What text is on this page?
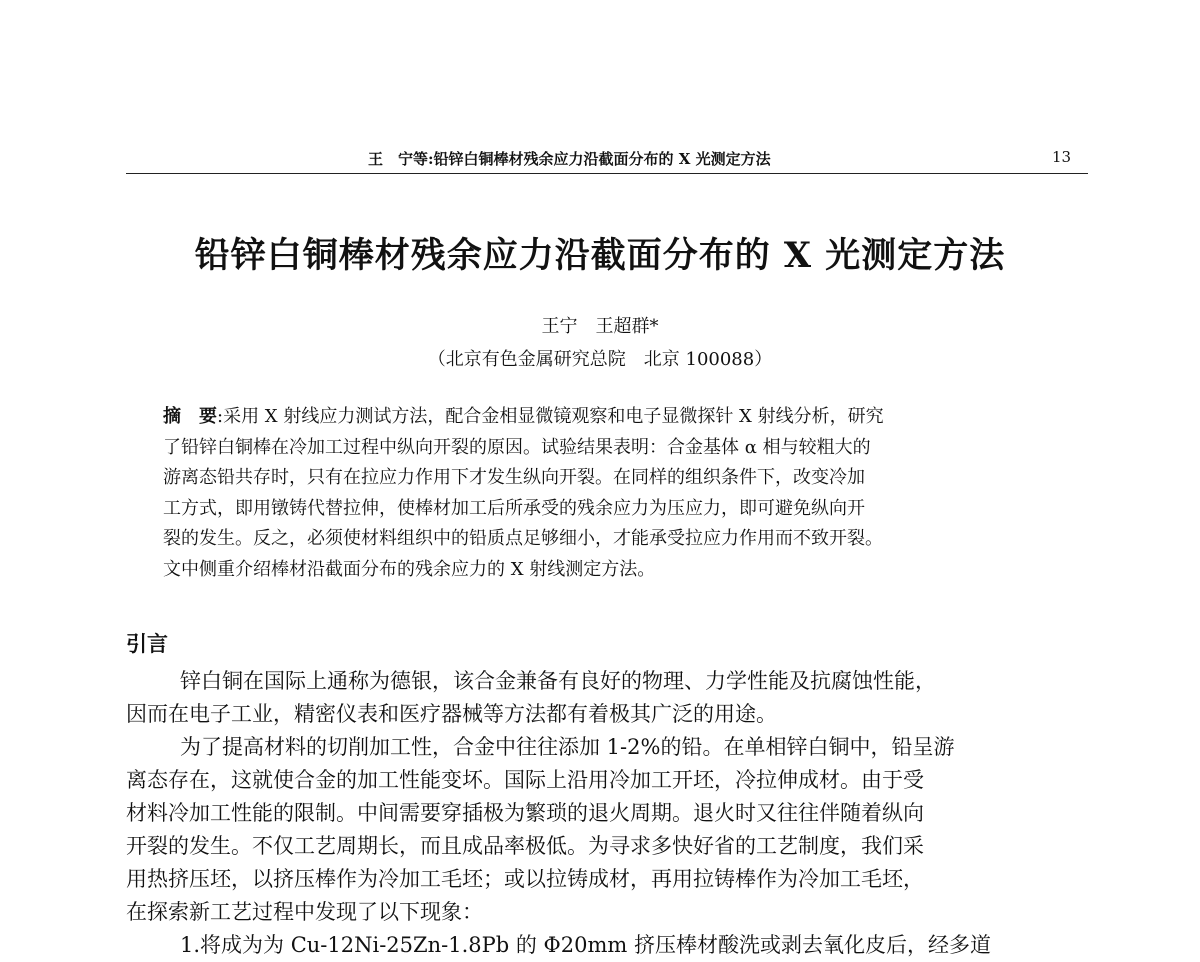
王　宁等:铅锌白铜棒材残余应力沿截面分布的 X 光测定方法	13
铅锌白铜棒材残余应力沿截面分布的 X 光测定方法
王宁　王超群*
（北京有色金属研究总院　北京 100088）
摘　要:采用 X 射线应力测试方法，配合金相显微镜观察和电子显微探针 X 射线分析，研究
了铅锌白铜棒在冷加工过程中纵向开裂的原因。试验结果表明：合金基体 α 相与较粗大的
游离态铅共存时，只有在拉应力作用下才发生纵向开裂。在同样的组织条件下，改变冷加
工方式，即用镦铸代替拉伸，使棒材加工后所承受的残余应力为压应力，即可避免纵向开
裂的发生。反之，必须使材料组织中的铅质点足够细小，才能承受拉应力作用而不致开裂。
文中侧重介绍棒材沿截面分布的残余应力的 X 射线测定方法。
引言
锌白铜在国际上通称为德银，该合金兼备有良好的物理、力学性能及抗腐蚀性能，
因而在电子工业，精密仪表和医疗器械等方法都有着极其广泛的用途。
为了提高材料的切削加工性，合金中往往添加 1-2%的铅。在单相锌白铜中，铅呈游
离态存在，这就使合金的加工性能变坏。国际上沿用冷加工开坯，冷拉伸成材。由于受
材料冷加工性能的限制。中间需要穿插极为繁琐的退火周期。退火时又往往伴随着纵向
开裂的发生。不仅工艺周期长，而且成品率极低。为寻求多快好省的工艺制度，我们采
用热挤压坯，以挤压棒作为冷加工毛坯；或以拉铸成材，再用拉铸棒作为冷加工毛坯，
在探索新工艺过程中发现了以下现象：
1.将成为为 Cu-12Ni-25Zn-1.8Pb 的 Φ20mm 挤压棒材酸洗或剥去氧化皮后，经多道
